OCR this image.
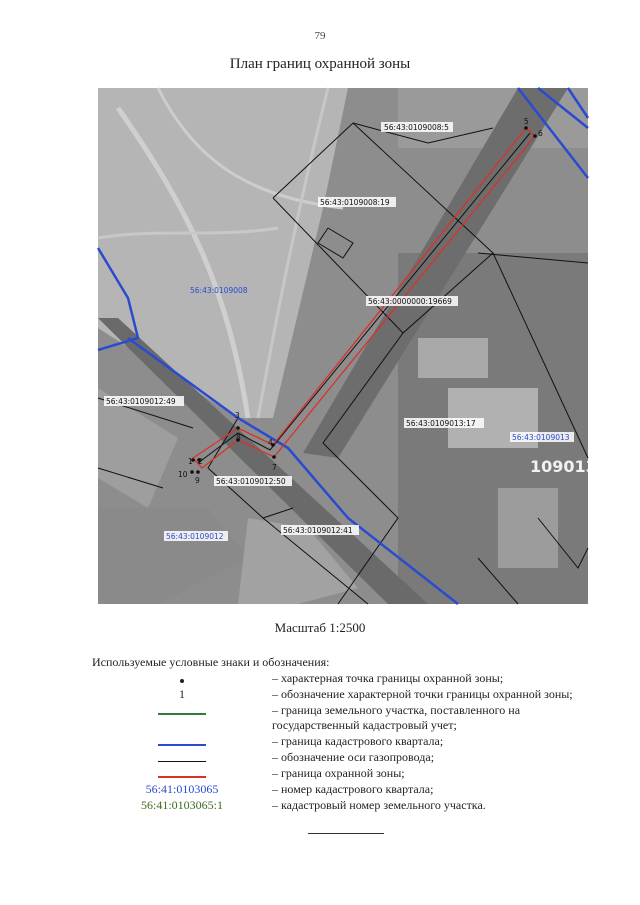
79
План границ охранной зоны
1 2
3
4
5
6
7
8
9
10
56:43:0109008:5
56:43:0109008:19
56:43:0109008
56:43:0000000:19669
56:43:0109012:49
56:43:0109013:17
56:43:0109013
56:43:0109012:50
56:43:0109012
56:43:0109012:41
109013
Масштаб 1:2500
Используемые условные знаки и обозначения:
– характерная точка границы охранной зоны;
1	– обозначение характерной точки границы охранной зоны;
– граница земельного участка, поставленного на государственный кадастровый учет;
– граница кадастрового квартала;
– обозначение оси газопровода;
– граница охранной зоны;
56:41:0103065	– номер кадастрового квартала;
56:41:0103065:1	– кадастровый номер земельного участка.
